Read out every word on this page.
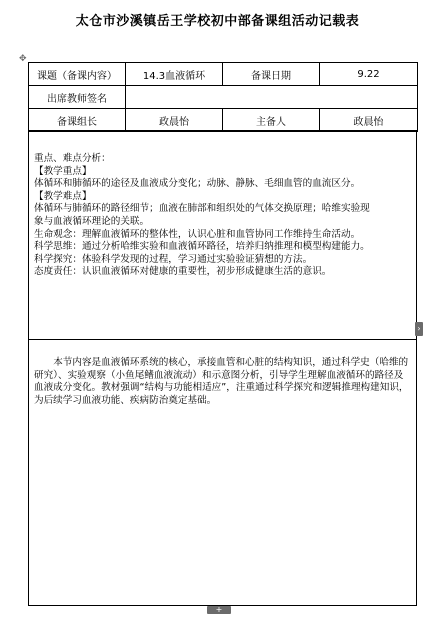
太仓市沙溪镇岳王学校初中部备课组活动记载表
✥
课题（备课内容）	14.3血液循环	备课日期	9.22
出席教师签名			
备课组长	政晨怡	主备人	政晨怡
重点、难点分析：
【教学重点】
体循环和肺循环的途径及血液成分变化；动脉、静脉、毛细血管的血流区分。
【教学难点】
体循环与肺循环的路径细节；血液在肺部和组织处的气体交换原理；哈维实验现
象与血液循环理论的关联。
生命观念：理解血液循环的整体性，认识心脏和血管协同工作维持生命活动。
科学思维：通过分析哈维实验和血液循环路径，培养归纳推理和模型构建能力。
科学探究：体验科学发现的过程，学习通过实验验证猜想的方法。
态度责任：认识血液循环对健康的重要性，初步形成健康生活的意识。
本节内容是血液循环系统的核心，承接血管和心脏的结构知识，通过科学史（哈维的研究）、实验观察（小鱼尾鳍血液流动）和示意图分析，引导学生理解血液循环的路径及血液成分变化。教材强调“结构与功能相适应”，注重通过科学探究和逻辑推理构建知识，为后续学习血液功能、疾病防治奠定基础。
›
+
